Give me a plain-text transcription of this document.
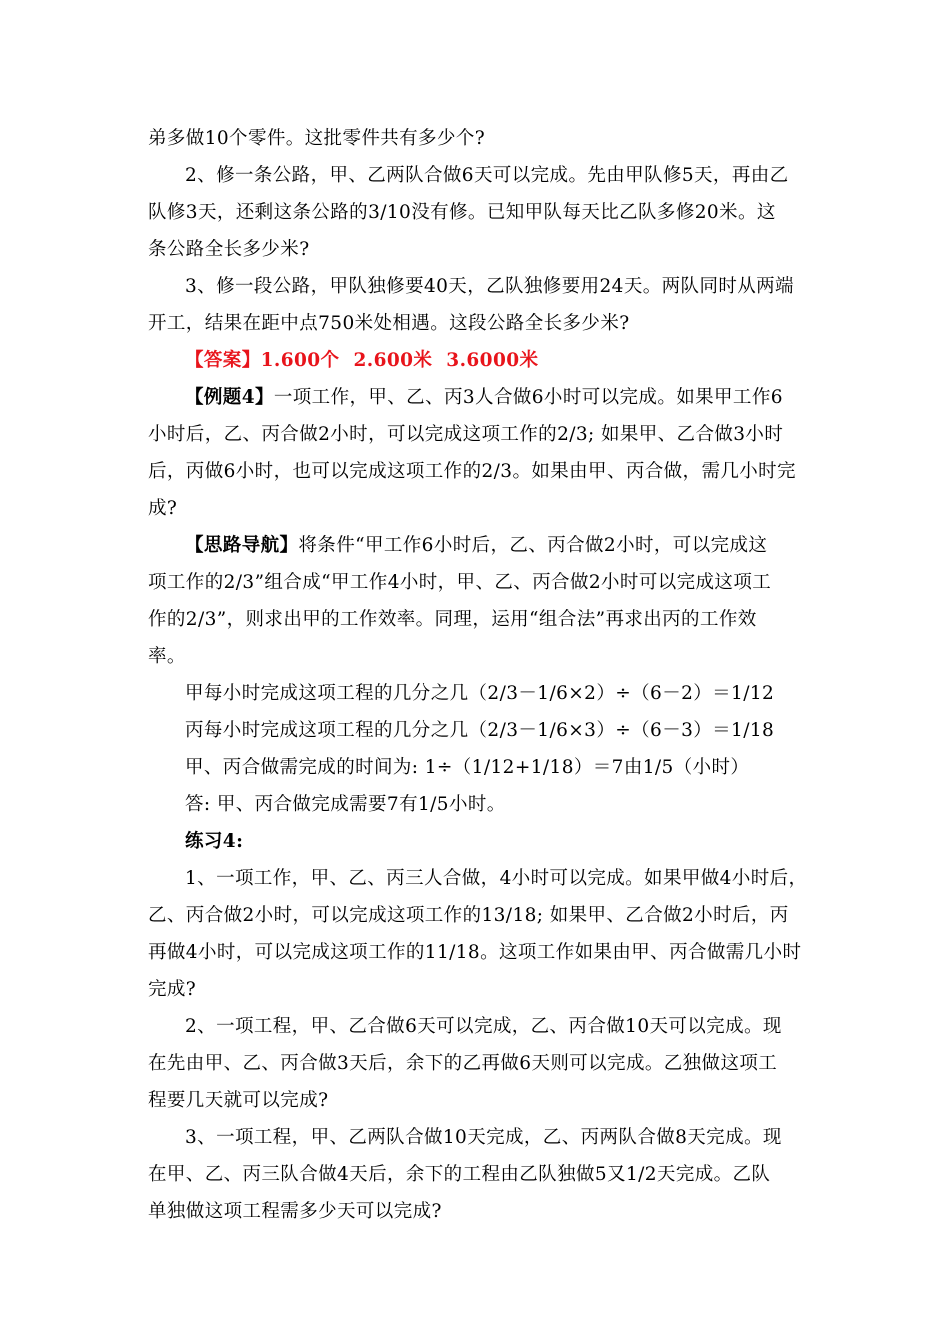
弟多做10个零件。这批零件共有多少个?
2、修一条公路，甲、乙两队合做6天可以完成。先由甲队修5天，再由乙
队修3天，还剩这条公路的3/10没有修。已知甲队每天比乙队多修20米。这
条公路全长多少米?
3、修一段公路，甲队独修要40天，乙队独修要用24天。两队同时从两端
开工，结果在距中点750米处相遇。这段公路全长多少米?
【答案】1.600个 2.600米 3.6000米
【例题4】一项工作，甲、乙、丙3人合做6小时可以完成。如果甲工作6
小时后，乙、丙合做2小时，可以完成这项工作的2/3; 如果甲、乙合做3小时
后，丙做6小时，也可以完成这项工作的2/3。如果由甲、丙合做，需几小时完
成?
【思路导航】将条件“甲工作6小时后，乙、丙合做2小时，可以完成这
项工作的2/3”组合成“甲工作4小时，甲、乙、丙合做2小时可以完成这项工
作的2/3”，则求出甲的工作效率。同理，运用“组合法”再求出丙的工作效
率。
甲每小时完成这项工程的几分之几（2/3－1/6×2）÷（6－2）＝1/12
丙每小时完成这项工程的几分之几（2/3－1/6×3）÷（6－3）＝1/18
甲、丙合做需完成的时间为: 1÷（1/12+1/18）＝7由1/5（小时）
答: 甲、丙合做完成需要7有1/5小时。
练习4:
1、一项工作，甲、乙、丙三人合做，4小时可以完成。如果甲做4小时后，
乙、丙合做2小时，可以完成这项工作的13/18; 如果甲、乙合做2小时后，丙
再做4小时，可以完成这项工作的11/18。这项工作如果由甲、丙合做需几小时
完成?
2、一项工程，甲、乙合做6天可以完成，乙、丙合做10天可以完成。现
在先由甲、乙、丙合做3天后，余下的乙再做6天则可以完成。乙独做这项工
程要几天就可以完成?
3、一项工程，甲、乙两队合做10天完成，乙、丙两队合做8天完成。现
在甲、乙、丙三队合做4天后，余下的工程由乙队独做5又1/2天完成。乙队
单独做这项工程需多少天可以完成?
